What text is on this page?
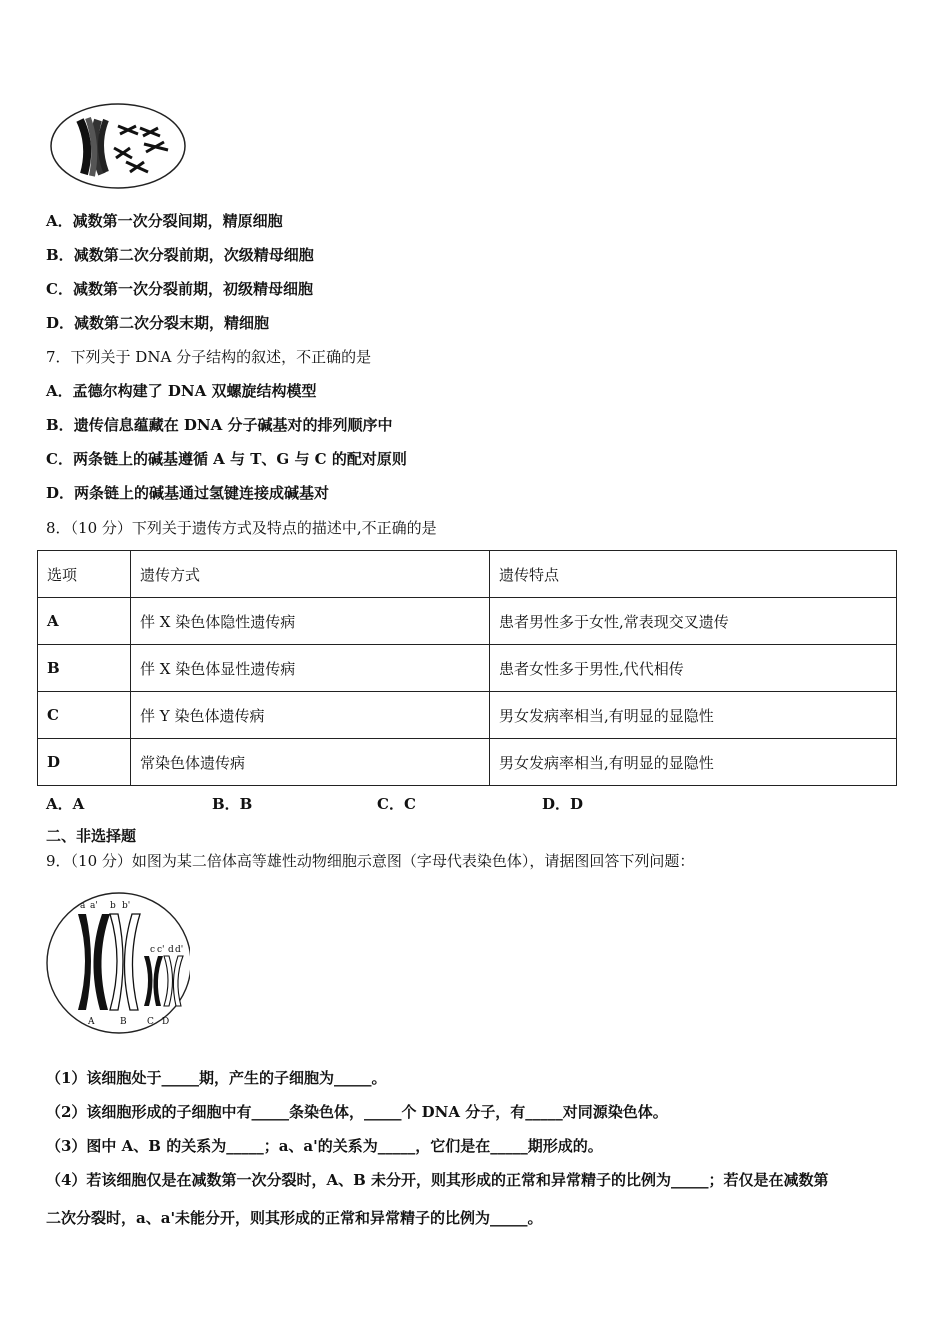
A．减数第一次分裂间期，精原细胞
B．减数第二次分裂前期，次级精母细胞
C．减数第一次分裂前期，初级精母细胞
D．减数第二次分裂末期，精细胞
7．下列关于 DNA 分子结构的叙述，不正确的是
A．孟德尔构建了 DNA 双螺旋结构模型
B．遗传信息蕴藏在 DNA 分子碱基对的排列顺序中
C．两条链上的碱基遵循 A 与 T、G 与 C 的配对原则
D．两条链上的碱基通过氢键连接成碱基对
8．（10 分）下列关于遗传方式及特点的描述中,不正确的是
选项	遗传方式	遗传特点
A	伴 X 染色体隐性遗传病	患者男性多于女性,常表现交叉遗传
B	伴 X 染色体显性遗传病	患者女性多于男性,代代相传
C	伴 Y 染色体遗传病	男女发病率相当,有明显的显隐性
D	常染色体遗传病	男女发病率相当,有明显的显隐性
A．A	B．B	C．C	D．D
二、非选择题
9．（10 分）如图为某二倍体高等雄性动物细胞示意图（字母代表染色体），请据图回答下列问题：
a a' b b'
c c' d d'
A	B C D
（1）该细胞处于_____期，产生的子细胞为_____。
（2）该细胞形成的子细胞中有_____条染色体，_____个 DNA 分子，有_____对同源染色体。
（3）图中 A、B 的关系为_____；a、a'的关系为_____，它们是在_____期形成的。
（4）若该细胞仅是在减数第一次分裂时，A、B 未分开，则其形成的正常和异常精子的比例为_____；若仅是在减数第
二次分裂时，a、a'未能分开，则其形成的正常和异常精子的比例为_____。
